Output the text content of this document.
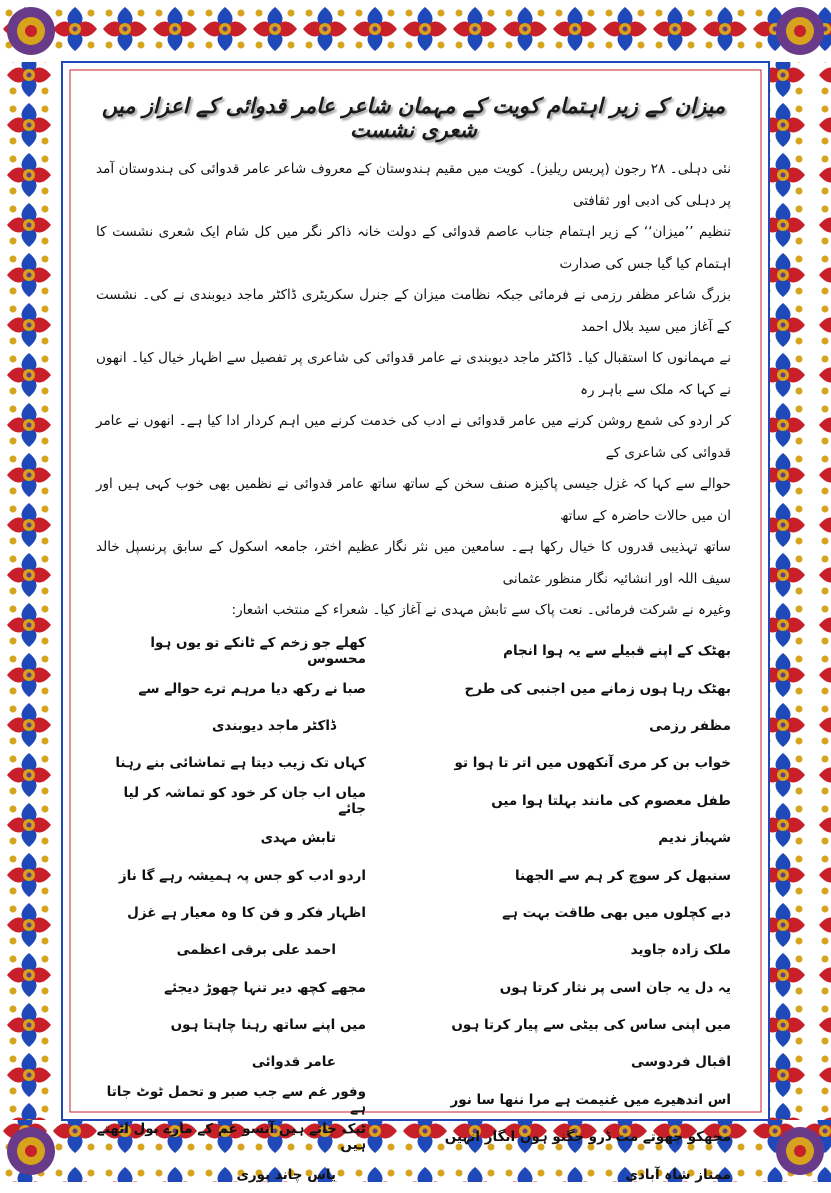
میزان کے زیر اہتمام کویت کے مہمان شاعر عامر قدوائی کے اعزاز میں شعری نشست

نئی دہلی۔ ۲۸ رجون (پریس ریلیز)۔ کویت میں مقیم ہندوستان کے معروف شاعر عامر قدوائی کی ہندوستان آمد پر دہلی کی ادبی اور ثقافتی

تنظیم ’’میزان‘‘ کے زیر اہتمام جناب عاصم قدوائی کے دولت خانہ ذاکر نگر میں کل شام ایک شعری نشست کا اہتمام کیا گیا جس کی صدارت

بزرگ شاعر مظفر رزمی نے فرمائی جبکہ نظامت میزان کے جنرل سکریٹری ڈاکٹر ماجد دیوبندی نے کی۔ نشست کے آغاز میں سید بلال احمد

نے مہمانوں کا استقبال کیا۔ ڈاکٹر ماجد دیوبندی نے عامر قدوائی کی شاعری پر تفصیل سے اظہار خیال کیا۔ انھوں نے کہا کہ ملک سے باہر رہ

کر اردو کی شمع روشن کرنے میں عامر قدوائی نے ادب کی خدمت کرنے میں اہم کردار ادا کیا ہے۔ انھوں نے عامر قدوائی کی شاعری کے

حوالے سے کہا کہ غزل جیسی پاکیزہ صنف سخن کے ساتھ ساتھ عامر قدوائی نے نظمیں بھی خوب کہی ہیں اور ان میں حالات حاضرہ کے ساتھ

ساتھ تہذیبی قدروں کا خیال رکھا ہے۔ سامعین میں نثر نگار عظیم اختر، جامعہ اسکول کے سابق پرنسپل خالد سیف اللہ اور انشائیہ نگار منظور عثمانی

وغیرہ نے شرکت فرمائی۔ نعت پاک سے تابش مہدی نے آغاز کیا۔ شعراء کے منتخب اشعار:

بھٹک کے اپنے قبیلے سے یہ ہوا انجام
کھلے جو زخم کے ٹانکے تو یوں ہوا محسوس
بھٹک رہا ہوں زمانے میں اجنبی کی طرح
صبا نے رکھ دیا مرہم ترے حوالے سے
مظفر رزمی
ڈاکٹر ماجد دیوبندی
خواب بن کر مری آنکھوں میں اتر تا ہوا تو
کہاں تک زیب دیتا ہے تماشائی بنے رہنا
طفل معصوم کی مانند بہلتا ہوا میں
میاں اب جان کر خود کو تماشہ کر لیا جائے
شہباز ندیم
تابش مہدی
سنبھل کر سوچ کر ہم سے الجھنا
اردو ادب کو جس پہ ہمیشہ رہے گا ناز
دبے کچلوں میں بھی طاقت بہت ہے
اظہار فکر و فن کا وہ معیار ہے غزل
ملک زادہ جاوید
احمد علی برقی اعظمی
یہ دل یہ جان اسی پر نثار کرتا ہوں
مجھے کچھ دیر تنہا چھوڑ دیجئے
میں اپنی ساس کی بیٹی سے پیار کرتا ہوں
میں اپنے ساتھ رہنا چاہتا ہوں
اقبال فردوسی
عامر قدوائی
اس اندھیرے میں غنیمت ہے مرا ننھا سا نور
وفور غم سے جب صبر و تحمل ٹوٹ جاتا ہے
مجھکو چھوتے مت ڈرو جگنو ہوں انگار انہیں
ٹپک جاتے ہیں آنسو غم کے مارے بول اٹھتے ہیں
ممتاز شاہ آبادی
یاس چاند پوری
